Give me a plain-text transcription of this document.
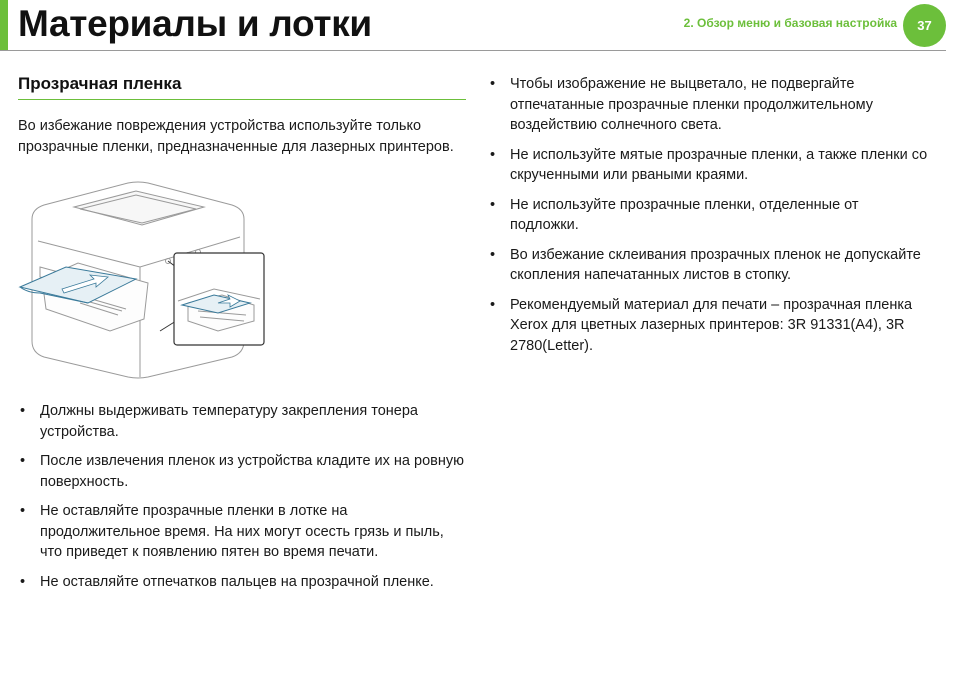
Материалы и лотки	2. Обзор меню и базовая настройка	37
Прозрачная пленка

Во избежание повреждения устройства используйте только прозрачные пленки, предназначенные для лазерных принтеров.

• Должны выдерживать температуру закрепления тонера устройства.
• После извлечения пленок из устройства кладите их на ровную поверхность.
• Не оставляйте прозрачные пленки в лотке на продолжительное время. На них могут осесть грязь и пыль, что приведет к появлению пятен во время печати.
• Не оставляйте отпечатков пальцев на прозрачной пленке.
• Чтобы изображение не выцветало, не подвергайте отпечатанные прозрачные пленки продолжительному воздействию солнечного света.
• Не используйте мятые прозрачные пленки, а также пленки со скрученными или рваными краями.
• Не используйте прозрачные пленки, отделенные от подложки.
• Во избежание склеивания прозрачных пленок не допускайте скопления напечатанных листов в стопку.
• Рекомендуемый материал для печати – прозрачная пленка Xerox для цветных лазерных принтеров: 3R 91331(A4), 3R 2780(Letter).
